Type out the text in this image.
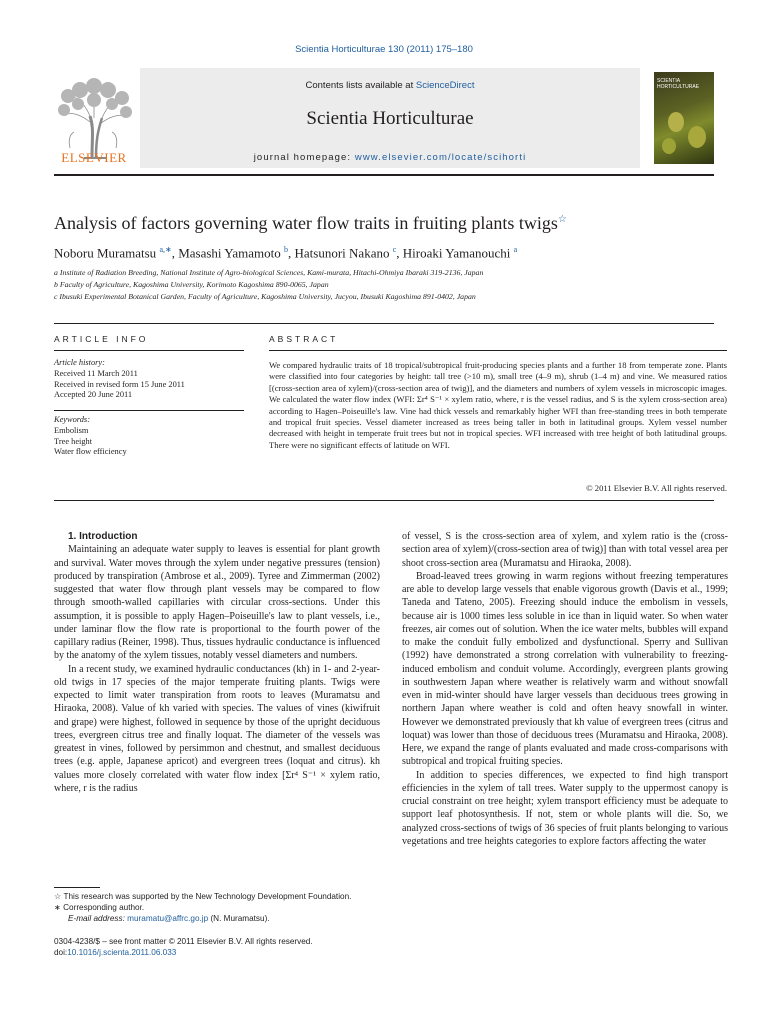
Scientia Horticulturae 130 (2011) 175–180
ELSEVIER
Contents lists available at ScienceDirect
Scientia Horticulturae
journal homepage: www.elsevier.com/locate/scihorti
SCIENTIA HORTICULTURAE
Analysis of factors governing water flow traits in fruiting plants twigs☆
Noboru Muramatsu $^{a,∗}$, Masashi Yamamoto $^b$, Hatsunori Nakano $^c$, Hiroaki Yamanouchi $^a$
a Institute of Radiation Breeding, National Institute of Agro-biological Sciences, Kami-murata, Hitachi-Ohmiya Ibaraki 319-2136, Japan
b Faculty of Agriculture, Kagoshima University, Korimoto Kagoshima 890-0065, Japan
c Ibusuki Experimental Botanical Garden, Faculty of Agriculture, Kagoshima University, Jucyou, Ibusuki Kagoshima 891-0402, Japan
ARTICLE INFO	ABSTRACT
Article history:
Received 11 March 2011
Received in revised form 15 June 2011
Accepted 20 June 2011
Keywords:
Embolism
Tree height
Water flow efficiency
We compared hydraulic traits of 18 tropical/subtropical fruit-producing species plants and a further 18 from temperate zone. Plants were classified into four categories by height: tall tree (>10 m), small tree (4–9 m), shrub (1–4 m) and vine. We measured ratios [(cross-section area of xylem)/(cross-section area of twig)], and the diameters and numbers of xylem vessels in microscopic images. We calculated the water flow index (WFI: Σr⁴ S⁻¹ × xylem ratio, where, r is the vessel radius, and S is the xylem cross-section area) according to Hagen–Poiseuille's law. Vine had thick vessels and remarkably higher WFI than free-standing trees in both temperate and tropical fruit species. Vessel diameter increased as trees being taller in both in latitudinal groups. Xylem vessel number decreased with height in temperate fruit trees but not in tropical species. WFI increased with tree height of both latitudinal groups. There were no significant effects of latitude on WFI.
© 2011 Elsevier B.V. All rights reserved.

1. Introduction

Maintaining an adequate water supply to leaves is essential for plant growth and survival. Water moves through the xylem under negative pressures (tension) produced by transpiration (Ambrose et al., 2009). Tyree and Zimmerman (2002) suggested that water flow through plant vessels may be compared to flow through smooth-walled capillaries with circular cross-sections. Under this assumption, it is possible to apply Hagen–Poiseuille's law to plant vessels, i.e., under laminar flow the flow rate is proportional to the fourth power of the capillary radius (Reiner, 1998). Thus, tissues hydraulic conductance is influenced by the anatomy of the xylem tissues, notably vessel diameters and numbers.

In a recent study, we examined hydraulic conductances (kh) in 1- and 2-year-old twigs in 17 species of the major temperate fruiting plants. Twigs were expected to limit water transpiration from roots to leaves (Muramatsu and Hiraoka, 2008). Value of kh varied with species. The values of vines (kiwifruit and grape) were highest, followed in sequence by those of the upright deciduous trees, evergreen citrus tree and finally loquat. The diameter of the vessels was greatest in vines, followed by persimmon and chestnut, and smallest deciduous trees (e.g. apple, Japanese apricot) and evergreen trees (loquat and citrus). kh values more closely correlated with water flow index [Σr⁴ S⁻¹ × xylem ratio, where, r is the radius

of vessel, S is the cross-section area of xylem, and xylem ratio is the (cross-section area of xylem)/(cross-section area of twig)] than with total vessel area per shoot cross-section area (Muramatsu and Hiraoka, 2008).

Broad-leaved trees growing in warm regions without freezing temperatures are able to develop large vessels that enable vigorous growth (Davis et al., 1999; Taneda and Tateno, 2005). Freezing should induce the embolism in vessels, because air is 1000 times less soluble in ice than in liquid water. So when water freezes, air comes out of solution. When the ice water melts, bubbles will expand to make the conduit fully embolized and dysfunctional. Sperry and Sullivan (1992) have demonstrated a strong correlation with vulnerability to freezing-induced embolism and conduit volume. Accordingly, evergreen plants growing in southwestern Japan where weather is relatively warm and without snowfall even in mid-winter should have larger vessels than deciduous trees growing in northern Japan where weather is cold and often heavy snowfall in winter. However we demonstrated previously that kh value of evergreen trees (citrus and loquat) was lower than those of deciduous trees (Muramatsu and Hiraoka, 2008). Here, we expand the range of plants evaluated and made cross-comparisons with subtropical and tropical fruiting species.

In addition to species differences, we expected to find high transport efficiencies in the xylem of tall trees. Water supply to the uppermost canopy is crucial constraint on tree height; xylem transport efficiency must be adequate to support leaf photosynthesis. If not, stem or whole plants will die. So, we analyzed cross-sections of twigs of 36 species of fruit plants belonging to various vegetations and tree heights categories to explore factors affecting the water

☆ This research was supported by the New Technology Development Foundation.
∗ Corresponding author.
E-mail address: muramatu@affrc.go.jp (N. Muramatsu).
0304-4238/$ – see front matter © 2011 Elsevier B.V. All rights reserved.
doi:10.1016/j.scienta.2011.06.033
